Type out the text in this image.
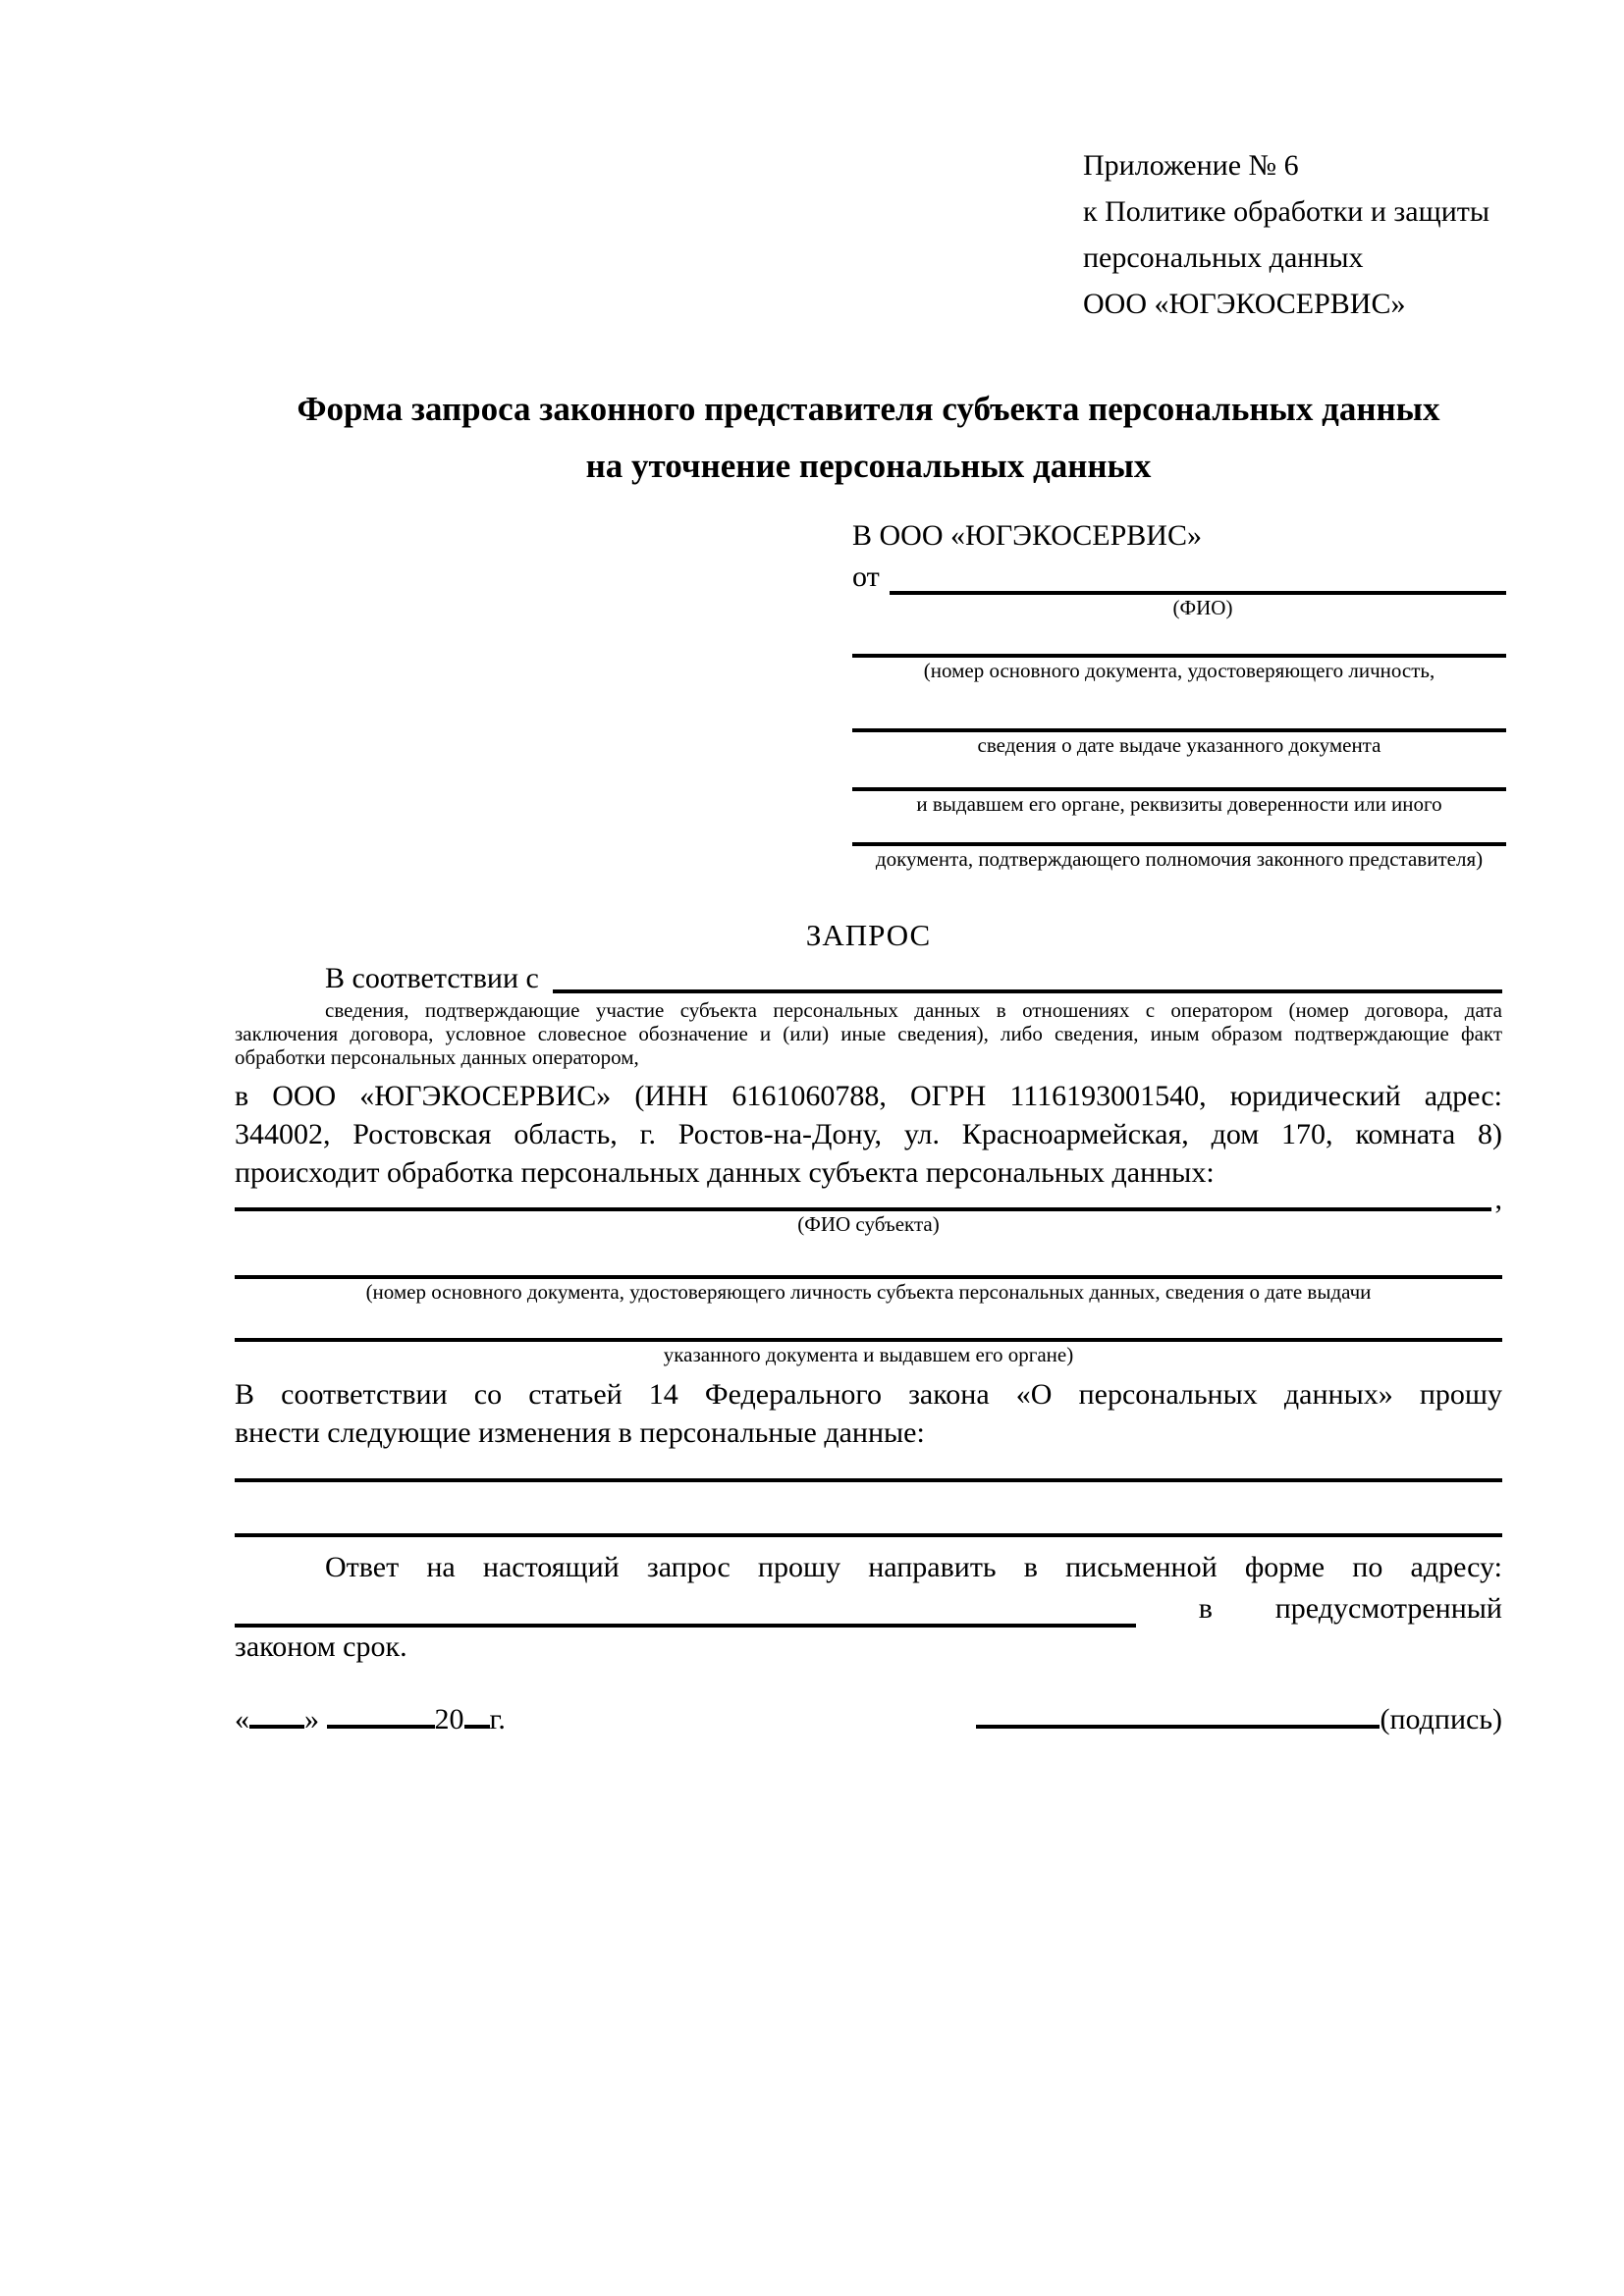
Приложение № 6
к Политике обработки и защиты
персональных данных
ООО «ЮГЭКОСЕРВИС»
Форма запроса законного представителя субъекта персональных данных
на уточнение персональных данных
В ООО «ЮГЭКОСЕРВИС»
от
(ФИО)
(номер основного документа, удостоверяющего личность,
сведения о дате выдаче указанного документа
и выдавшем его органе, реквизиты доверенности или иного
документа, подтверждающего полномочия законного представителя)
ЗАПРОС
В соответствии с
сведения, подтверждающие участие субъекта персональных данных в отношениях с оператором (номер договора, дата
заключения договора, условное словесное обозначение и (или) иные сведения), либо сведения, иным образом подтверждающие факт
обработки персональных данных оператором,
в ООО «ЮГЭКОСЕРВИС» (ИНН 6161060788, ОГРН 1116193001540, юридический адрес:
344002, Ростовская область, г. Ростов-на-Дону, ул. Красноармейская, дом 170, комната 8)
происходит обработка персональных данных субъекта персональных данных:
,
(ФИО субъекта)
(номер основного документа, удостоверяющего личность субъекта персональных данных, сведения о дате выдачи
указанного документа и выдавшем его органе)
В соответствии со статьей 14 Федерального закона «О персональных данных» прошу
внести следующие изменения в персональные данные:
Ответ на настоящий запрос прошу направить в письменной форме по адресу:
в предусмотренный
законом срок.
« »	20 г.	(подпись)
